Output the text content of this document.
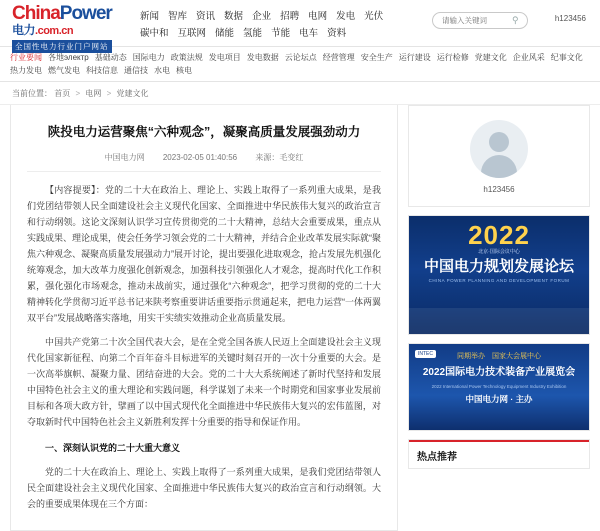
ChinaPower
电力.com.cn
全国性电力行业门户网站
新闻 智库 资讯 数据 企业 招聘 电网 发电 光伏
碳中和 互联网 储能 氢能 节能 电车 资料
请输入关键词
⚲	h123456
行业要闻 各地электр 基础动态 国际电力 政策法规 发电项目 发电数据 云论坛点 经营管理 安全生产 运行建设 运行检修 党建文化 企业风采 纪事文化
热力发电 燃气发电 科技信息 通信技 水电 核电
当前位置： 首页 > 电网 > 党建文化
陕投电力运营聚焦“六种观念”，凝聚高质量发展强劲动力
中国电力网 2023-02-05 01:40:56 来源：毛变红

【内容提要】：党的二十大在政治上、理论上、实践上取得了一系列重大成果，是我们党团结带领人民全面建设社会主义现代化国家、全面推进中华民族伟大复兴的政治宣言和行动纲领。这论文深刻认识学习宣传贯彻党的二十大精神，总结大会重要成果，重点从实践成果、理论成果，使会任务学习领会党的二十大精神，并结合企业改革发展实际就“聚焦六种观念、凝聚高质量发展强动力”展开讨论，提出要强化进取观念，抢占发展先机强化统筹观念，加大改革力度强化创新观念，加强科技引领强化人才观念，提高时代化工作积累，强化强化市场观念，推动未战前实，通过强化“六种观念”，把学习贯彻的党的二十大精神转化学贯彻习近平总书记来陕考察重要讲话重要指示贯通起来，把电力运营“一体两翼双平台”发展战略落实落地，用实干实绩实效推动企业高质量发展。

中国共产党第二十次全国代表大会，是在全党全国各族人民迈上全面建设社会主义现代化国家新征程、向第二个百年奋斗目标进军的关键时刻召开的一次十分重要的大会。是一次高举旗帜、凝聚力量、团结奋进的大会。党的二十大大系统阐述了新时代坚持和发展中国特色社会主义的重大理论和实践问题，科学谋划了未来一个时期党和国家事业发展前目标和各项大政方针，擘画了以中国式现代化全面推进中华民族伟大复兴的宏伟蓝图，对夺取新时代中国特色社会主义新胜利发挥十分重要的指导和保证作用。

一、深刻认识党的二十大重大意义

党的二十大在政治上、理论上、实践上取得了一系列重大成果，是我们党团结带领人民全面建设社会主义现代化国家、全面推进中华民族伟大复兴的政治宣言和行动纲领。大会的重要成果体现在三个方面：

h123456
2022
北京·国际会议中心
中国电力规划发展论坛
CHINA POWER PLANNING AND DEVELOPMENT FORUM
INTEC	同期举办　国家大会展中心
2022国际电力技术装备产业展览会
2022 International Power Technology Equipment Industry Exhibition
中国电力网 · 主办
热点推荐
